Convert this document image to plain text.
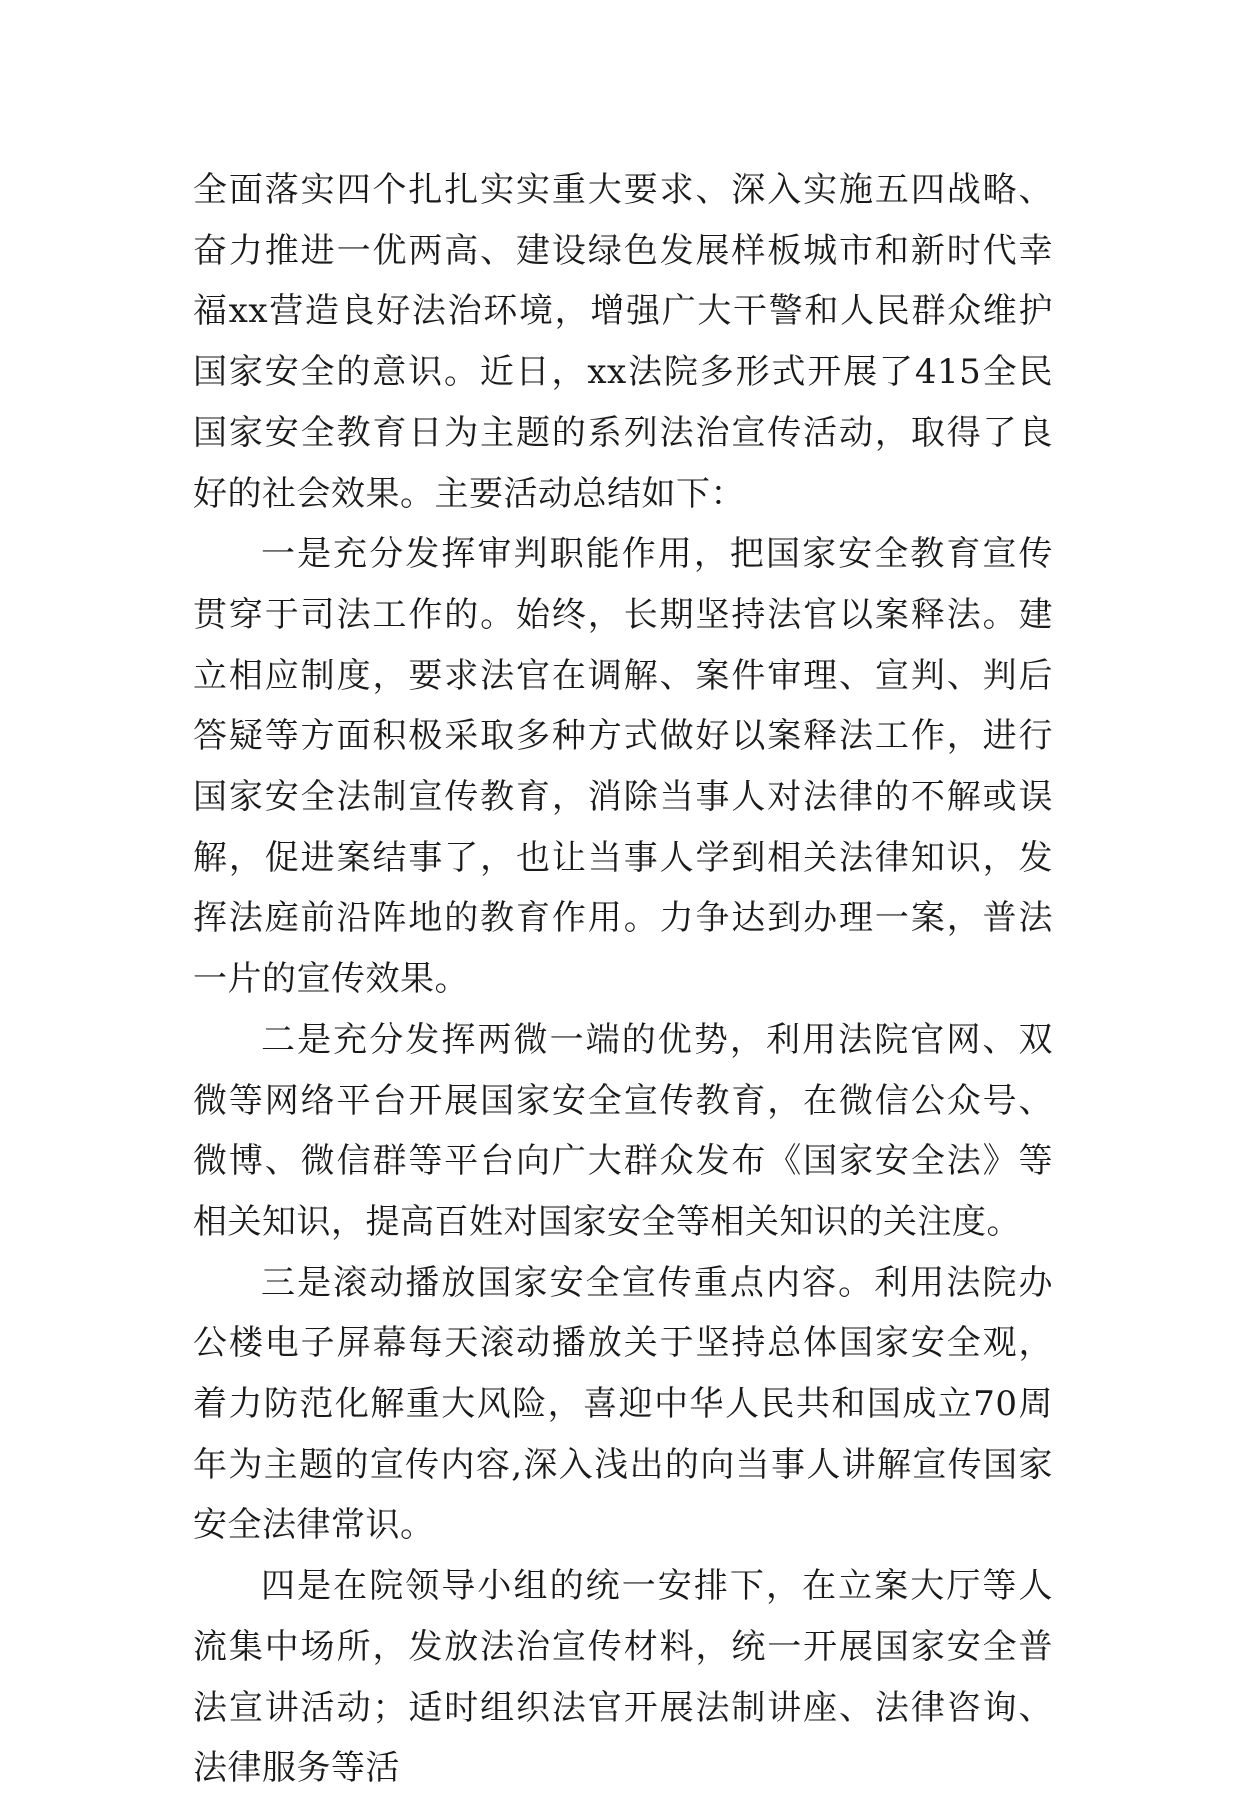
全面落实四个扎扎实实重大要求、深入实施五四战略、奋力推进一优两高、建设绿色发展样板城市和新时代幸福xx营造良好法治环境，增强广大干警和人民群众维护国家安全的意识。近日，xx法院多形式开展了415全民国家安全教育日为主题的系列法治宣传活动，取得了良好的社会效果。主要活动总结如下：

一是充分发挥审判职能作用，把国家安全教育宣传贯穿于司法工作的。始终，长期坚持法官以案释法。建立相应制度，要求法官在调解、案件审理、宣判、判后答疑等方面积极采取多种方式做好以案释法工作，进行国家安全法制宣传教育，消除当事人对法律的不解或误解，促进案结事了，也让当事人学到相关法律知识，发挥法庭前沿阵地的教育作用。力争达到办理一案，普法一片的宣传效果。

二是充分发挥两微一端的优势，利用法院官网、双微等网络平台开展国家安全宣传教育，在微信公众号、微博、微信群等平台向广大群众发布《国家安全法》等相关知识，提高百姓对国家安全等相关知识的关注度。

三是滚动播放国家安全宣传重点内容。利用法院办公楼电子屏幕每天滚动播放关于坚持总体国家安全观，着力防范化解重大风险，喜迎中华人民共和国成立70周年为主题的宣传内容,深入浅出的向当事人讲解宣传国家安全法律常识。

四是在院领导小组的统一安排下，在立案大厅等人流集中场所，发放法治宣传材料，统一开展国家安全普法宣讲活动；适时组织法官开展法制讲座、法律咨询、法律服务等活
